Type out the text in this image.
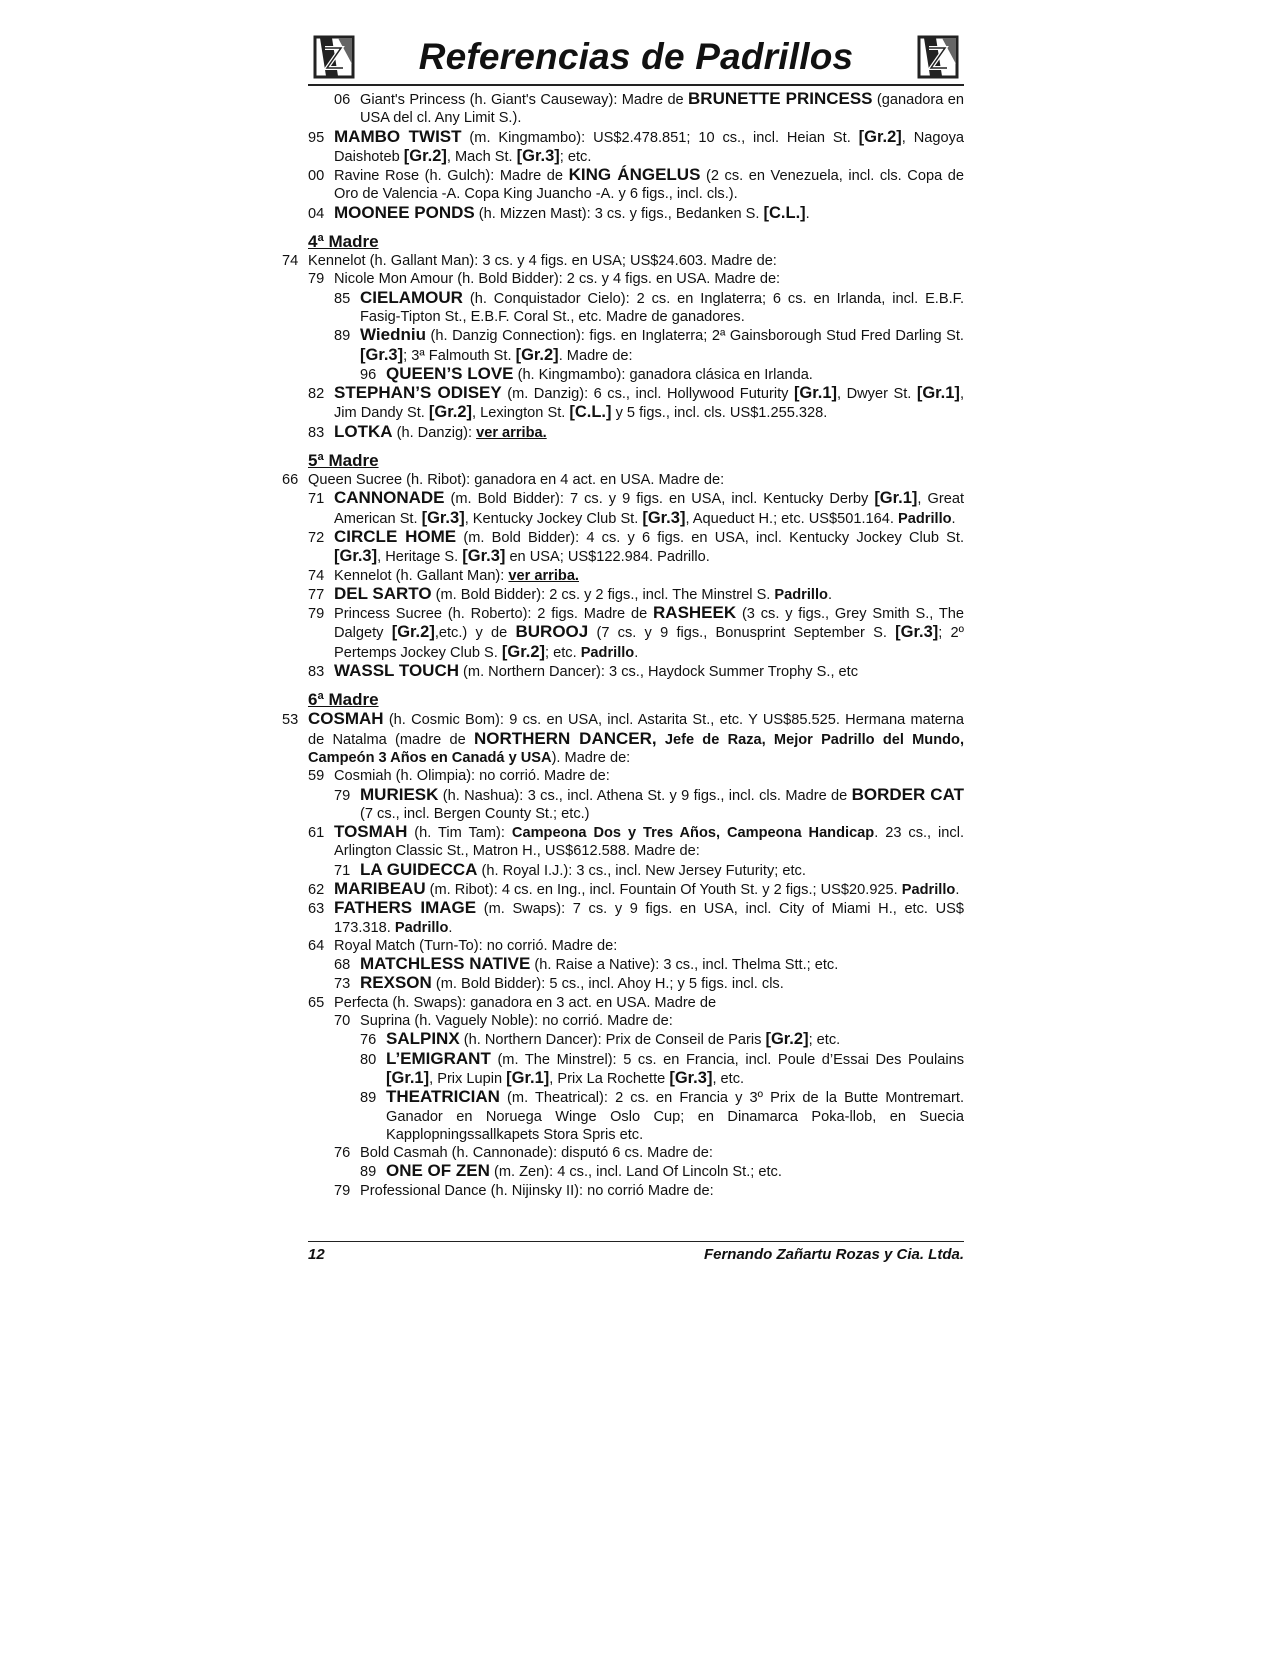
Referencias de Padrillos
06 Giant's Princess (h. Giant's Causeway): Madre de BRUNETTE PRINCESS (ganadora en USA del cl. Any Limit S.).
95 MAMBO TWIST (m. Kingmambo): US$2.478.851; 10 cs., incl. Heian St. [Gr.2], Nagoya Daishoteb [Gr.2], Mach St. [Gr.3]; etc.
00 Ravine Rose (h. Gulch): Madre de KING ÁNGELUS (2 cs. en Venezuela, incl. cls. Copa de Oro de Valencia -A. Copa King Juancho -A. y 6 figs., incl. cls.).
04 MOONEE PONDS (h. Mizzen Mast): 3 cs. y figs., Bedanken S. [C.L.].
4ª Madre
74 Kennelot (h. Gallant Man): 3 cs. y 4 figs. en USA; US$24.603. Madre de:
79 Nicole Mon Amour (h. Bold Bidder): 2 cs. y 4 figs. en USA. Madre de:
85 CIELAMOUR (h. Conquistador Cielo): 2 cs. en Inglaterra; 6 cs. en Irlanda, incl. E.B.F. Fasig-Tipton St., E.B.F. Coral St., etc. Madre de ganadores.
89 Wiedniu (h. Danzig Connection): figs. en Inglaterra; 2ª Gainsborough Stud Fred Darling St. [Gr.3]; 3ª Falmouth St. [Gr.2]. Madre de:
96 QUEEN’S LOVE (h. Kingmambo): ganadora clásica en Irlanda.
82 STEPHAN’S ODISEY (m. Danzig): 6 cs., incl. Hollywood Futurity [Gr.1], Dwyer St. [Gr.1], Jim Dandy St. [Gr.2], Lexington St. [C.L.] y 5 figs., incl. cls. US$1.255.328.
83 LOTKA (h. Danzig): ver arriba.
5ª Madre
66 Queen Sucree (h. Ribot): ganadora en 4 act. en USA. Madre de:
71 CANNONADE (m. Bold Bidder): 7 cs. y 9 figs. en USA, incl. Kentucky Derby [Gr.1], Great American St. [Gr.3], Kentucky Jockey Club St. [Gr.3], Aqueduct H.; etc. US$501.164. Padrillo.
72 CIRCLE HOME (m. Bold Bidder): 4 cs. y 6 figs. en USA, incl. Kentucky Jockey Club St. [Gr.3], Heritage S. [Gr.3] en USA; US$122.984. Padrillo.
74 Kennelot (h. Gallant Man): ver arriba.
77 DEL SARTO (m. Bold Bidder): 2 cs. y 2 figs., incl. The Minstrel S. Padrillo.
79 Princess Sucree (h. Roberto): 2 figs. Madre de RASHEEK (3 cs. y figs., Grey Smith S., The Dalgety [Gr.2],etc.) y de BUROOJ (7 cs. y 9 figs., Bonusprint September S. [Gr.3]; 2º Pertemps Jockey Club S. [Gr.2]; etc. Padrillo.
83 WASSL TOUCH (m. Northern Dancer): 3 cs., Haydock Summer Trophy S., etc
6ª Madre
53 COSMAH (h. Cosmic Bom): 9 cs. en USA, incl. Astarita St., etc. Y US$85.525. Hermana materna de Natalma (madre de NORTHERN DANCER, Jefe de Raza, Mejor Padrillo del Mundo, Campeón 3 Años en Canadá y USA). Madre de:
59 Cosmiah (h. Olimpia): no corrió. Madre de:
79 MURIESK (h. Nashua): 3 cs., incl. Athena St. y 9 figs., incl. cls. Madre de BORDER CAT (7 cs., incl. Bergen County St.; etc.)
61 TOSMAH (h. Tim Tam): Campeona Dos y Tres Años, Campeona Handicap. 23 cs., incl. Arlington Classic St., Matron H., US$612.588. Madre de:
71 LA GUIDECCA (h. Royal I.J.): 3 cs., incl. New Jersey Futurity; etc.
62 MARIBEAU (m. Ribot): 4 cs. en Ing., incl. Fountain Of Youth St. y 2 figs.; US$20.925. Padrillo.
63 FATHERS IMAGE (m. Swaps): 7 cs. y 9 figs. en USA, incl. City of Miami H., etc. US$ 173.318. Padrillo.
64 Royal Match (Turn-To): no corrió. Madre de:
68 MATCHLESS NATIVE (h. Raise a Native): 3 cs., incl. Thelma Stt.; etc.
73 REXSON (m. Bold Bidder): 5 cs., incl. Ahoy H.; y 5 figs. incl. cls.
65 Perfecta (h. Swaps): ganadora en 3 act. en USA. Madre de
70 Suprina (h. Vaguely Noble): no corrió. Madre de:
76 SALPINX (h. Northern Dancer): Prix de Conseil de Paris [Gr.2]; etc.
80 L’EMIGRANT (m. The Minstrel): 5 cs. en Francia, incl. Poule d’Essai Des Poulains [Gr.1], Prix Lupin [Gr.1], Prix La Rochette [Gr.3], etc.
89 THEATRICIAN (m. Theatrical): 2 cs. en Francia y 3º Prix de la Butte Montremart. Ganador en Noruega Winge Oslo Cup; en Dinamarca Poka-llob, en Suecia Kapplopningssallkapets Stora Spris etc.
76 Bold Casmah (h. Cannonade): disputó 6 cs. Madre de:
89 ONE OF ZEN (m. Zen): 4 cs., incl. Land Of Lincoln St.; etc.
79 Professional Dance (h. Nijinsky II): no corrió Madre de:
12	Fernando Zañartu Rozas y Cia. Ltda.
